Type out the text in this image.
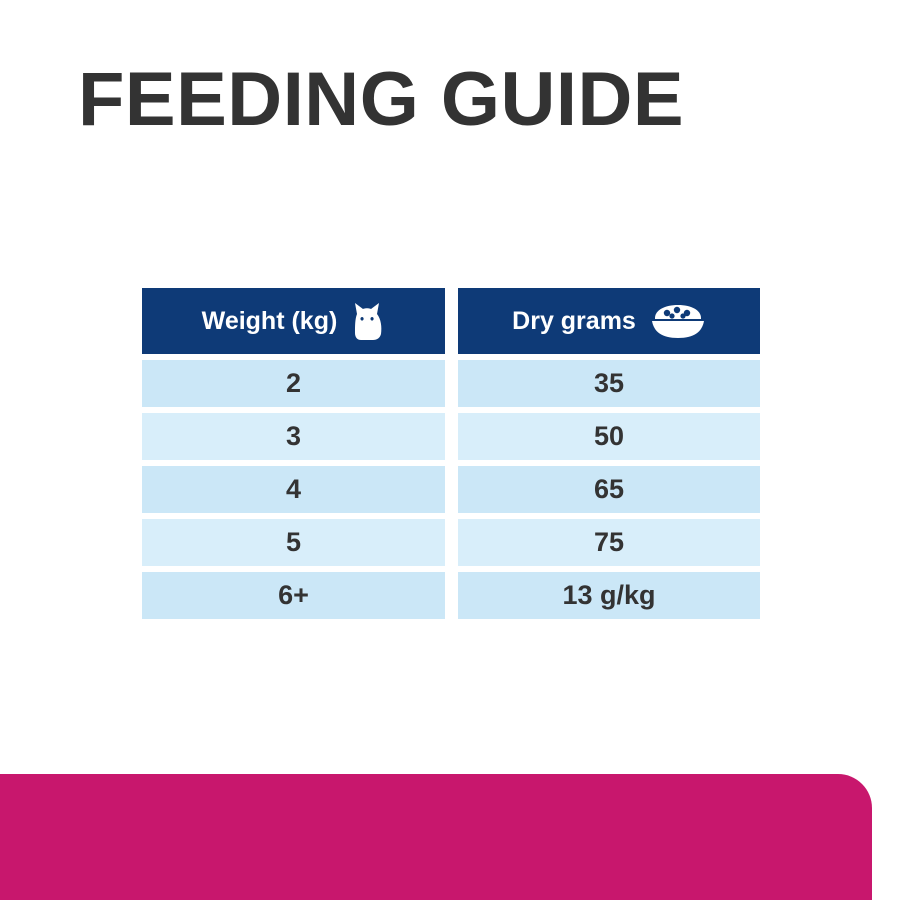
FEEDING GUIDE
Weight (kg)	Dry grams
2	35
3	50
4	65
5	75
6+	13 g/kg
